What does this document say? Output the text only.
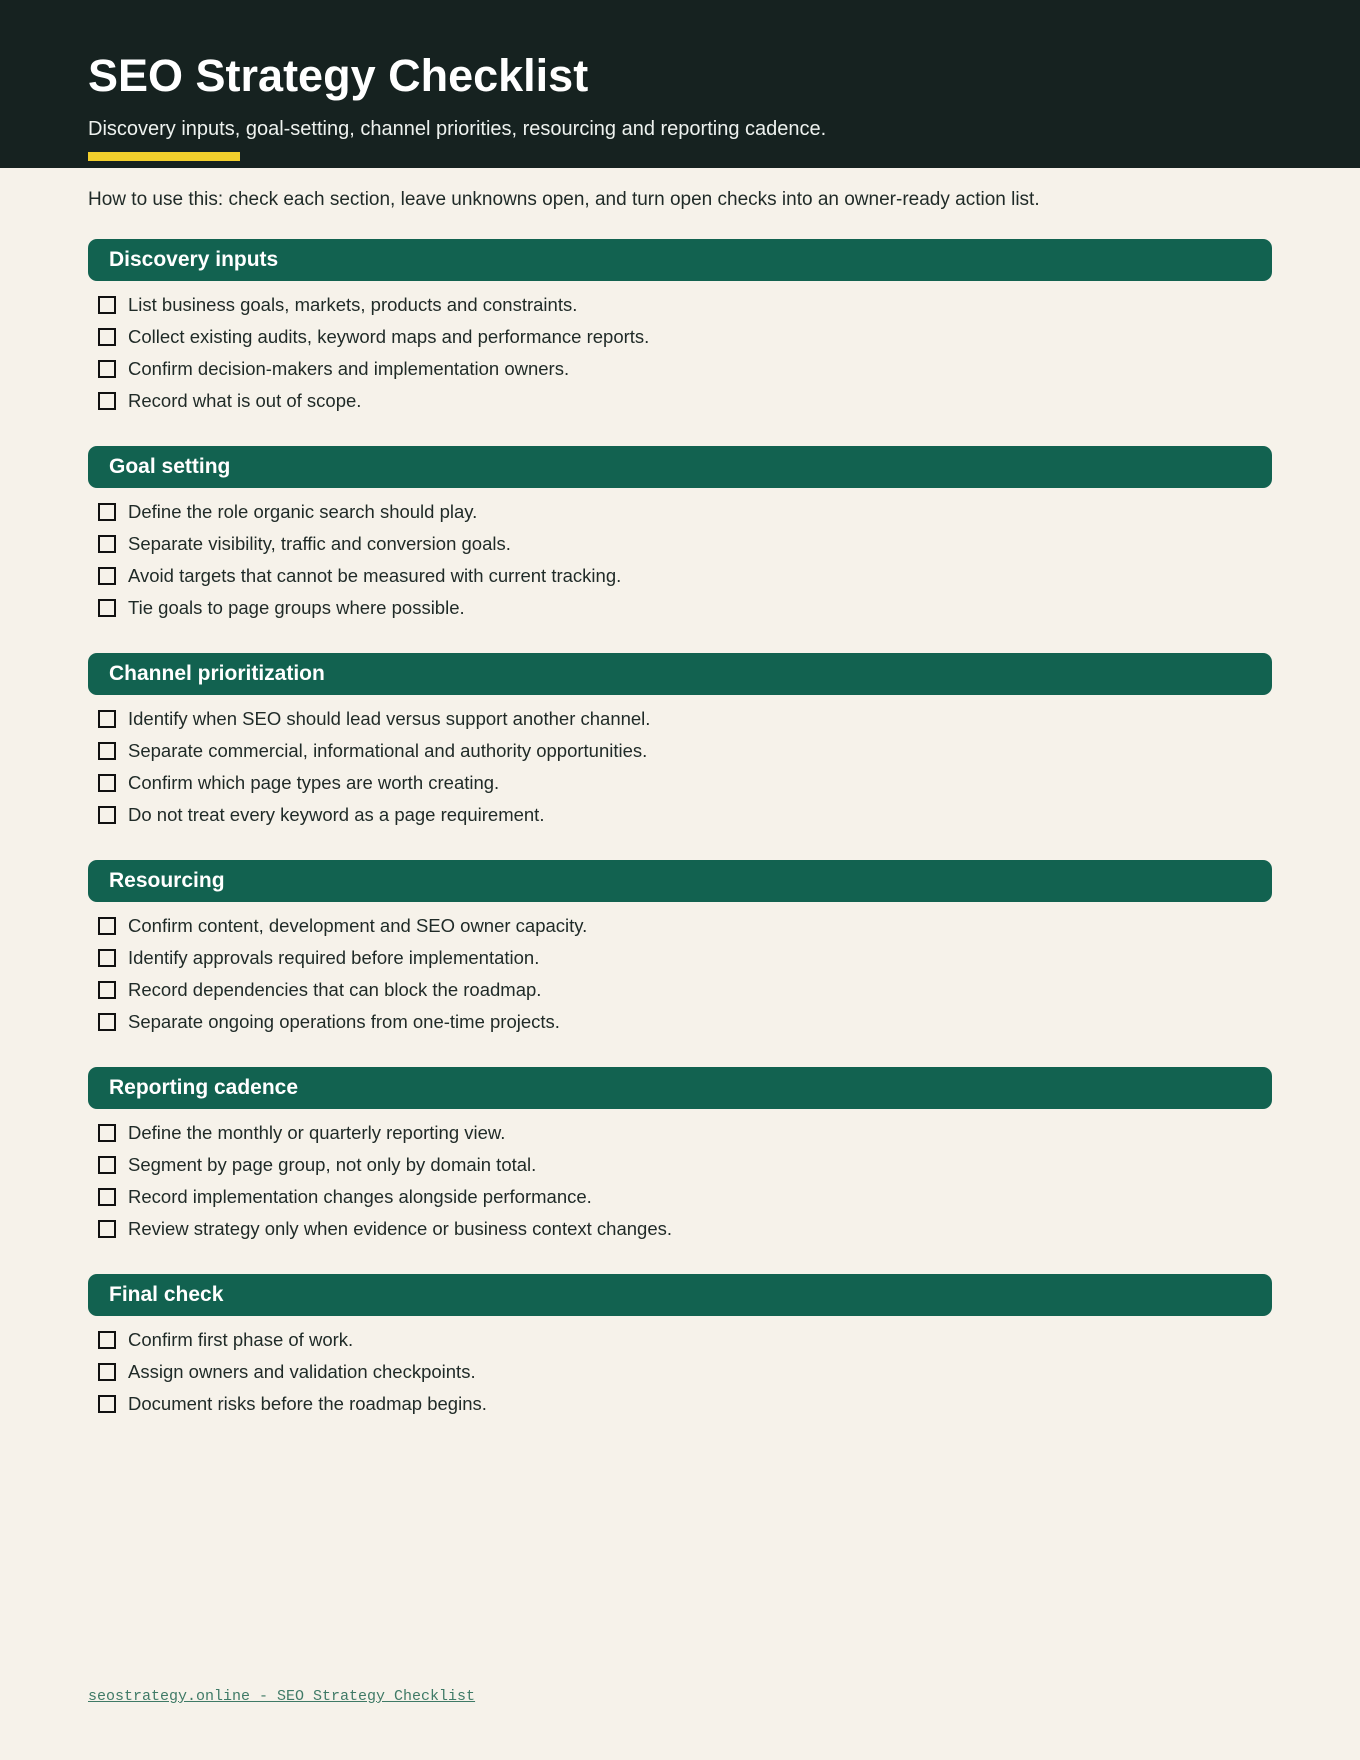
SEO Strategy Checklist

Discovery inputs, goal-setting, channel priorities, resourcing and reporting cadence.

How to use this: check each section, leave unknowns open, and turn open checks into an owner-ready action list.

Discovery inputs
List business goals, markets, products and constraints.
Collect existing audits, keyword maps and performance reports.
Confirm decision-makers and implementation owners.
Record what is out of scope.
Goal setting
Define the role organic search should play.
Separate visibility, traffic and conversion goals.
Avoid targets that cannot be measured with current tracking.
Tie goals to page groups where possible.
Channel prioritization
Identify when SEO should lead versus support another channel.
Separate commercial, informational and authority opportunities.
Confirm which page types are worth creating.
Do not treat every keyword as a page requirement.
Resourcing
Confirm content, development and SEO owner capacity.
Identify approvals required before implementation.
Record dependencies that can block the roadmap.
Separate ongoing operations from one-time projects.
Reporting cadence
Define the monthly or quarterly reporting view.
Segment by page group, not only by domain total.
Record implementation changes alongside performance.
Review strategy only when evidence or business context changes.
Final check
Confirm first phase of work.
Assign owners and validation checkpoints.
Document risks before the roadmap begins.
seostrategy.online - SEO Strategy Checklist
